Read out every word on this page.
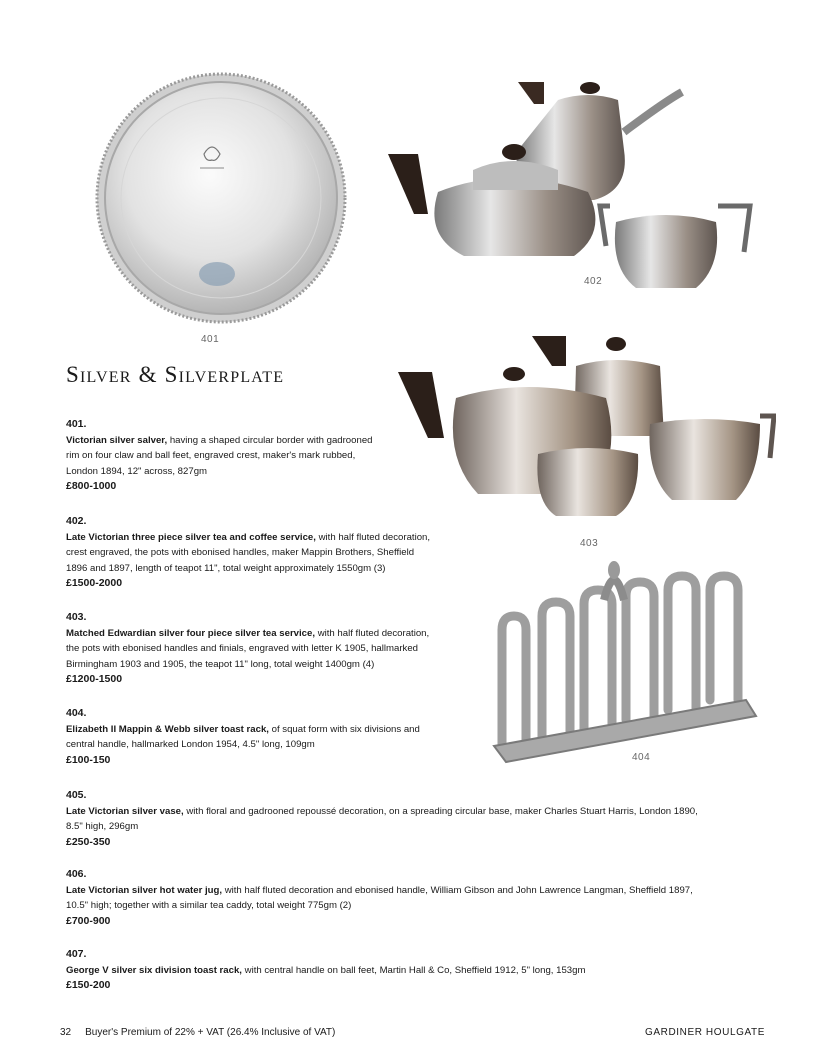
401
402
Silver & Silverplate
403
404
401.
Victorian silver salver, having a shaped circular border with gadrooned
rim on four claw and ball feet, engraved crest, maker's mark rubbed,
London 1894, 12" across, 827gm
£800-1000
402.
Late Victorian three piece silver tea and coffee service, with half fluted decoration,
crest engraved, the pots with ebonised handles, maker Mappin Brothers, Sheffield
1896 and 1897, length of teapot 11", total weight approximately 1550gm (3)
£1500-2000
403.
Matched Edwardian silver four piece silver tea service, with half fluted decoration,
the pots with ebonised handles and finials, engraved with letter K 1905, hallmarked
Birmingham 1903 and 1905, the teapot 11" long, total weight 1400gm (4)
£1200-1500
404.
Elizabeth II Mappin & Webb silver toast rack, of squat form with six divisions and
central handle, hallmarked London 1954, 4.5" long, 109gm
£100-150
405.
Late Victorian silver vase, with floral and gadrooned repoussé decoration, on a spreading circular base, maker Charles Stuart Harris, London 1890,
8.5" high, 296gm
£250-350
406.
Late Victorian silver hot water jug, with half fluted decoration and ebonised handle, William Gibson and John Lawrence Langman, Sheffield 1897,
10.5" high; together with a similar tea caddy, total weight 775gm (2)
£700-900
407.
George V silver six division toast rack, with central handle on ball feet, Martin Hall & Co, Sheffield 1912, 5" long, 153gm
£150-200
32 Buyer's Premium of 22% + VAT (26.4% Inclusive of VAT)	GARDINER HOULGATE
